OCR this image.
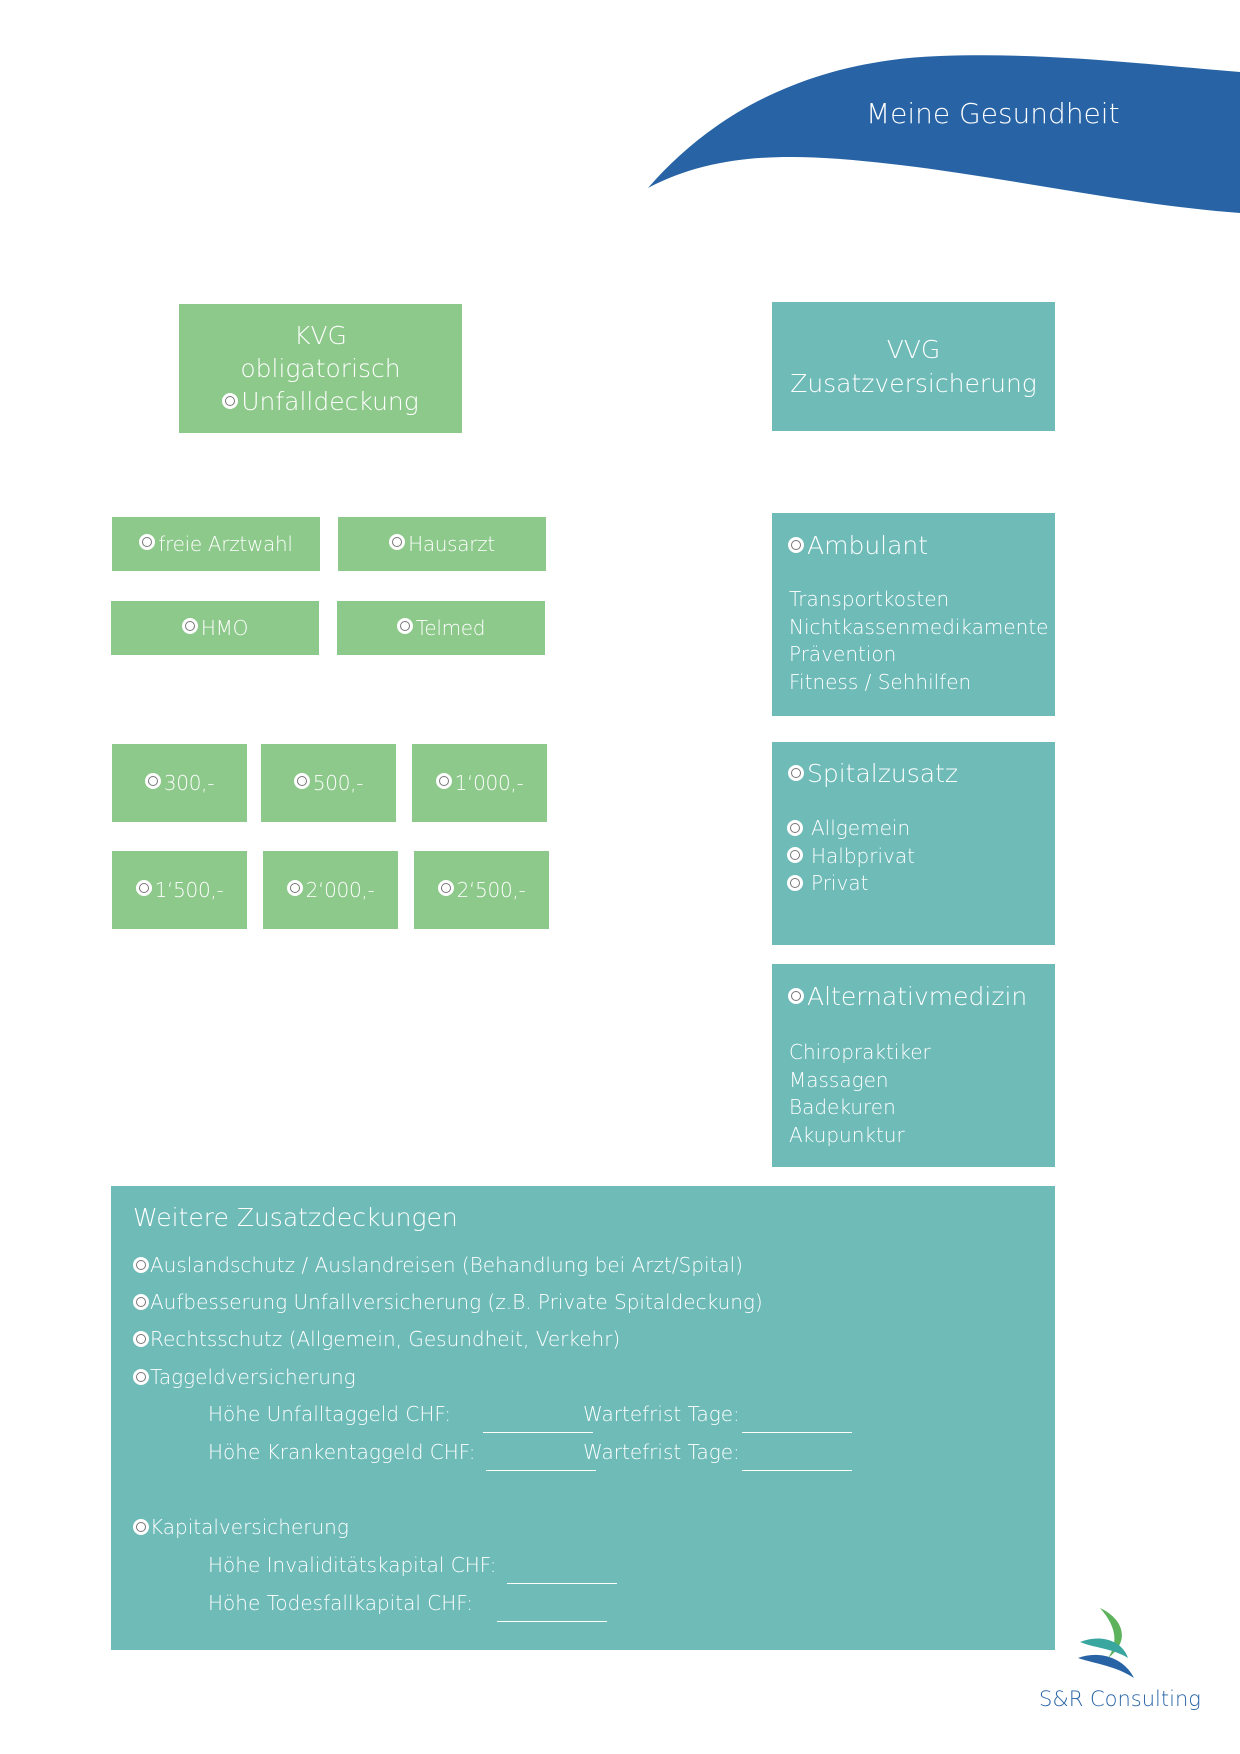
Meine Gesundheit
KVG
obligatorisch
Unfalldeckung
VVG
Zusatzversicherung
freie Arztwahl	Hausarzt
HMO	Telmed
300,-	500,-	1‘000,-
1‘500,-	2‘000,-	2‘500,-
Ambulant
Transportkosten
Nichtkassenmedikamente
Prävention
Fitness / Sehhilfen
Spitalzusatz
Allgemein
Halbprivat
Privat
Alternativmedizin
Chiropraktiker
Massagen
Badekuren
Akupunktur
Weitere Zusatzdeckungen
Auslandschutz / Auslandreisen (Behandlung bei Arzt/Spital)
Aufbesserung Unfallversicherung (z.B. Private Spitaldeckung)
Rechtsschutz (Allgemein, Gesundheit, Verkehr)
Taggeldversicherung
Höhe Unfalltaggeld CHF:	Wartefrist Tage:
Höhe Krankentaggeld CHF:	Wartefrist Tage:
Kapitalversicherung
Höhe Invaliditätskapital CHF:
Höhe Todesfallkapital CHF:
S&R Consulting
